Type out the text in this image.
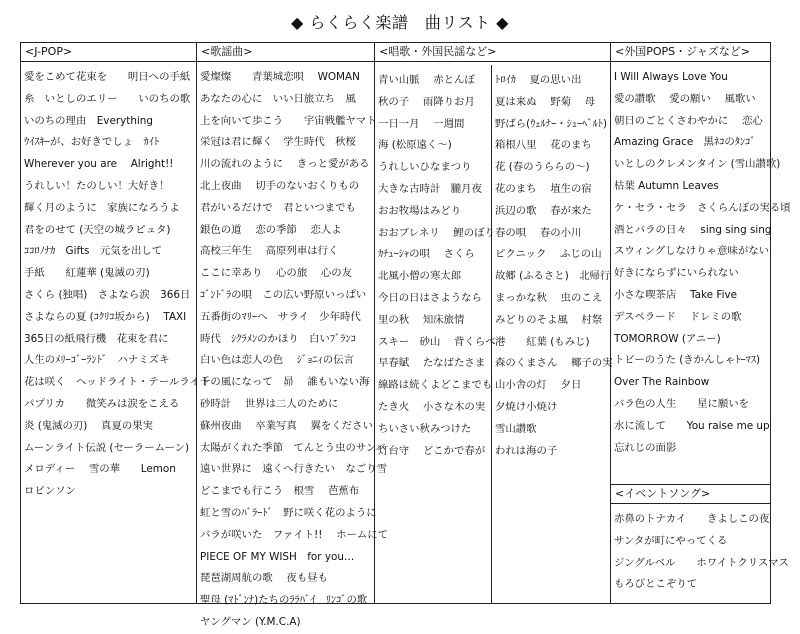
◆ らくらく楽譜　曲リスト ◆
<J-POP>
愛をこめて花束を　　明日への手紙
糸　いとしのエリー　　いのちの歌
いのちの理由　Everything
ｳｲｽｷｰが、お好きでしょ　ｶｲﾄ
Wherever you are　 Alright!!
うれしい！たのしい！大好き！
輝く月のように　家族になろうよ
君をのせて (天空の城ラピュタ)
ｺｺﾛﾉﾅｶ　Gifts　元気を出して
手紙　　紅蓮華 (鬼滅の刃)
さくら (独唱)　さよなら涙　366日
さよならの夏 (ｺｸﾘｺ坂から)　 TAXI
365日の紙飛行機　花束を君に
人生のﾒﾘｰｺﾞｰﾗﾝﾄﾞ　ハナミズキ
花は咲く　ヘッドライト・テールライト
パプリカ　　微笑みは涙をこえる
炎 (鬼滅の刃)　 真夏の果実
ムーンライト伝説 (セーラームーン)
メロディー　 雪の華　　Lemon
ロビンソン
<歌謡曲>
愛燦燦　　青葉城恋唄　 WOMAN
あなたの心に　いい日旅立ち　風
上を向いて歩こう　　宇宙戦艦ヤマト
栄冠は君に輝く　学生時代　秋桜
川の流れのように　 きっと愛がある
北上夜曲　 切手のないおくりもの
君がいるだけで　君といつまでも
銀色の道　 恋の季節　 恋人よ
高校三年生　 高原列車は行く
ここに幸あり　 心の旅　 心の友
ｺﾞﾝﾄﾞﾗの唄　この広い野原いっぱい
五番街のﾏﾘｰへ　サライ　少年時代
時代　ｼｸﾗﾒﾝのかほり　白いﾌﾞﾗﾝｺ
白い色は恋人の色　 ｼﾞｮﾆｨの伝言
千の風になって　昴　 誰もいない海
砂時計　 世界は二人のために
蘇州夜曲　 卒業写真　 翼をください
太陽がくれた季節　てんとう虫のサンバ
遠い世界に　遠くへ行きたい　なごり雪
どこまでも行こう　根雪　 芭蕉布
虹と雪のﾊﾞﾗｰﾄﾞ　野に咲く花のように
バラが咲いた　ファイト!!　 ホームにて
PIECE OF MY WISH　for you…
琵琶湖周航の歌　 夜も昼も
聖母 (ﾏﾄﾞﾝﾅ)たちのﾗﾗﾊﾞｲ　ﾘﾝｺﾞの歌
ヤングマン (Y.M.C.A)
<唱歌・外国民謡など>
青い山脈　 赤とんぼ
秋の子　 雨降りお月
一日一月　 一週間
海 (松原遠く～)
うれしいひなまつり
大きな古時計　朧月夜
おお牧場はみどり
おおブレネリ　 鯉のぼり
ｶﾁｭｰｼｬの唄　 さくら
北風小僧の寒太郎
今日の日はさようなら
里の秋　 知床旅情
スキー　砂山　 背くらべ
早春賦　 たなばたさま
線路は続くよどこまでも
たき火　 小さな木の実
ちいさい秋みつけた
灯台守　 どこかで春が
ﾄﾛｲｶ　 夏の思い出
夏は来ぬ　 野菊　 母
野ばら(ｳｪﾙﾅｰ・ｼｭｰﾍﾞﾙﾄ)
箱根八里　 花のまち
花 (春のうららの～)
花のまち　 埴生の宿
浜辺の歌　 春が来た
春の唄　 春の小川
ピクニック　 ふじの山
故郷 (ふるさと)　北帰行
まっかな秋　 虫のこえ
みどりのそよ風　 村祭
港　　紅葉 (もみじ)
森のくまさん　 椰子の実
山小舎の灯　 夕日
夕焼け小焼け
雪山讃歌
われは海の子
<外国POPS・ジャズなど>
I Will Always Love You
愛の讃歌　 愛の願い　 風歌い
朝日のごとくさわやかに　 恋心
Amazing Grace　黒ﾈｺのﾀﾝｺﾞ
いとしのクレメンタイン (雪山讃歌)
枯葉 Autumn Leaves
ケ・セラ・セラ　さくらんぼの実る頃
酒とバラの日々　 sing sing sing
スウィングしなけりゃ意味がない
好きにならずにいられない
小さな喫茶店　 Take Five
デスペラード　 ドレミの歌
TOMORROW (アニー)
トビーのうた (きかんしゃﾄｰﾏｽ)
Over The Rainbow
バラ色の人生　　星に願いを
水に流して　　You raise me up
忘れじの面影
<イベントソング>
赤鼻のトナカイ　　きよしこの夜
サンタが町にやってくる
ジングルベル　　ホワイトクリスマス
もろびとこぞりて
